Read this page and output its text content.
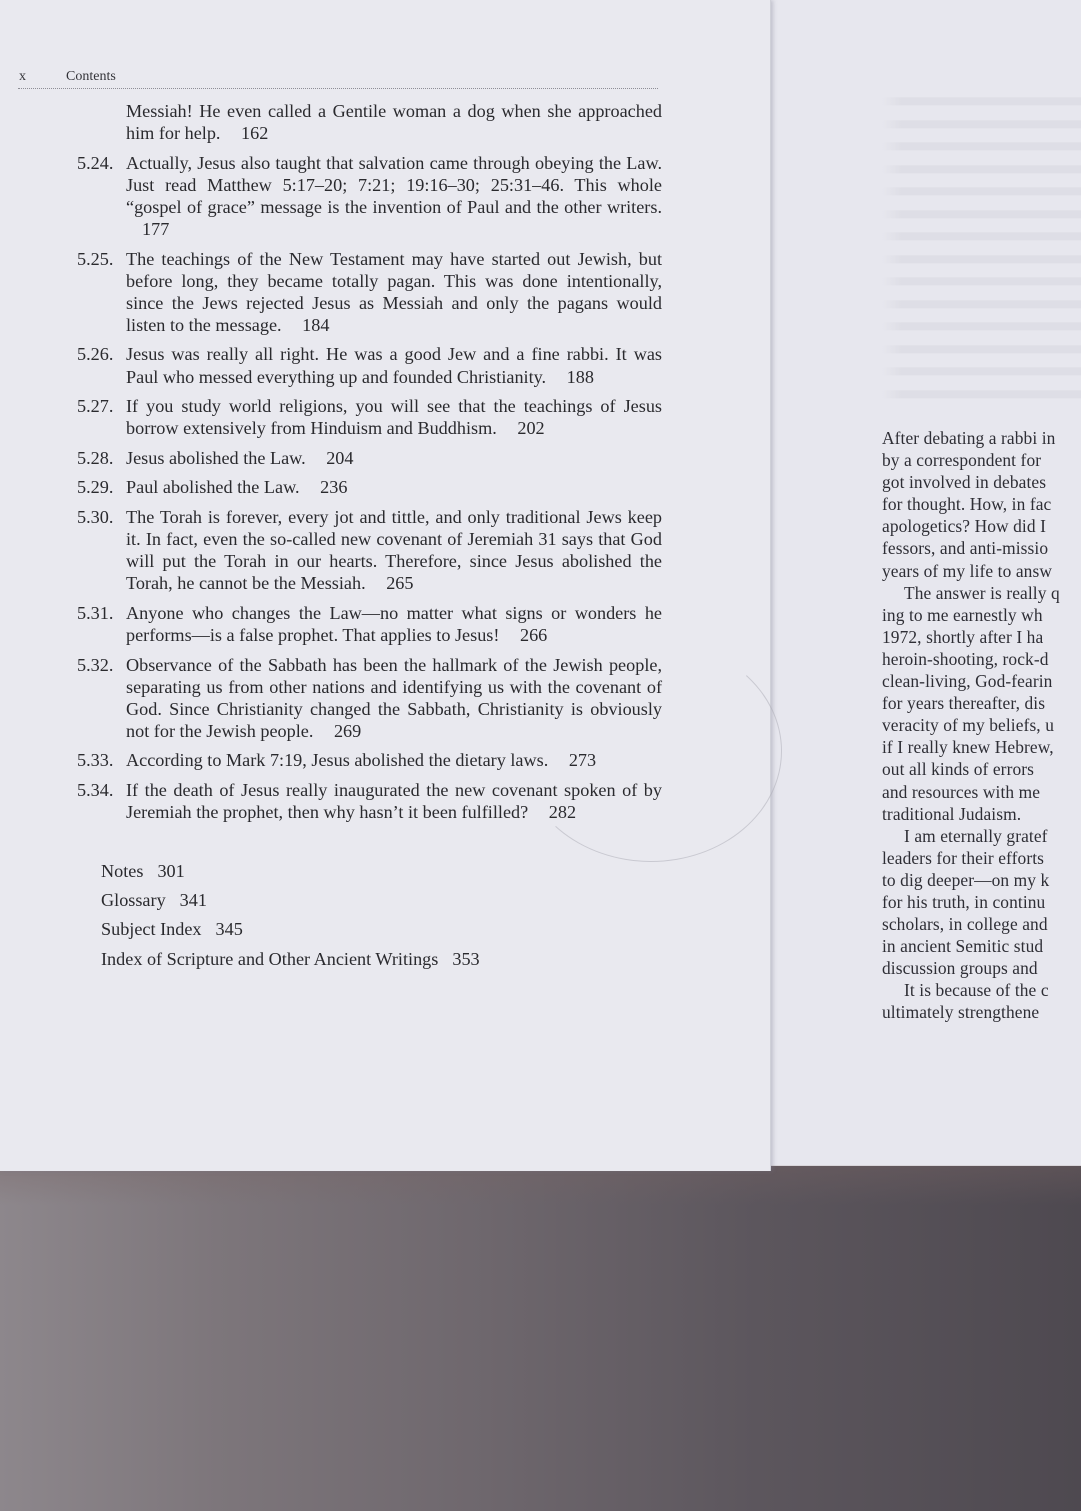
After debating a rabbi in
by a correspondent for
got involved in debates
for thought. How, in fac
apologetics? How did I
fessors, and anti-missio
years of my life to answ
The answer is really q
ing to me earnestly wh
1972, shortly after I ha
heroin-shooting, rock-d
clean-living, God-fearin
for years thereafter, dis
veracity of my beliefs, u
if I really knew Hebrew,
out all kinds of errors
and resources with me
traditional Judaism.
I am eternally gratef
leaders for their efforts
to dig deeper—on my k
for his truth, in continu
scholars, in college and
in ancient Semitic stud
discussion groups and
It is because of the c
ultimately strengthene
x	Contents
Messiah! He even called a Gentile woman a dog when she approached him for help. 162
5.24. Actually, Jesus also taught that salvation came through obeying the Law. Just read Matthew 5:17–20; 7:21; 19:16–30; 25:31–46. This whole “gospel of grace” message is the invention of Paul and the other writers. 177
5.25. The teachings of the New Testament may have started out Jewish, but before long, they became totally pagan. This was done intentionally, since the Jews rejected Jesus as Messiah and only the pagans would listen to the message. 184
5.26. Jesus was really all right. He was a good Jew and a fine rabbi. It was Paul who messed everything up and founded Christianity. 188
5.27. If you study world religions, you will see that the teachings of Jesus borrow extensively from Hinduism and Buddhism. 202
5.28. Jesus abolished the Law. 204
5.29. Paul abolished the Law. 236
5.30. The Torah is forever, every jot and tittle, and only traditional Jews keep it. In fact, even the so-called new covenant of Jeremiah 31 says that God will put the Torah in our hearts. Therefore, since Jesus abolished the Torah, he cannot be the Messiah. 265
5.31. Anyone who changes the Law—no matter what signs or wonders he performs—is a false prophet. That applies to Jesus! 266
5.32. Observance of the Sabbath has been the hallmark of the Jewish people, separating us from other nations and identifying us with the covenant of God. Since Christianity changed the Sabbath, Christianity is obviously not for the Jewish people. 269
5.33. According to Mark 7:19, Jesus abolished the dietary laws. 273
5.34. If the death of Jesus really inaugurated the new covenant spoken of by Jeremiah the prophet, then why hasn’t it been fulfilled? 282
Notes 301
Glossary 341
Subject Index 345
Index of Scripture and Other Ancient Writings 353
